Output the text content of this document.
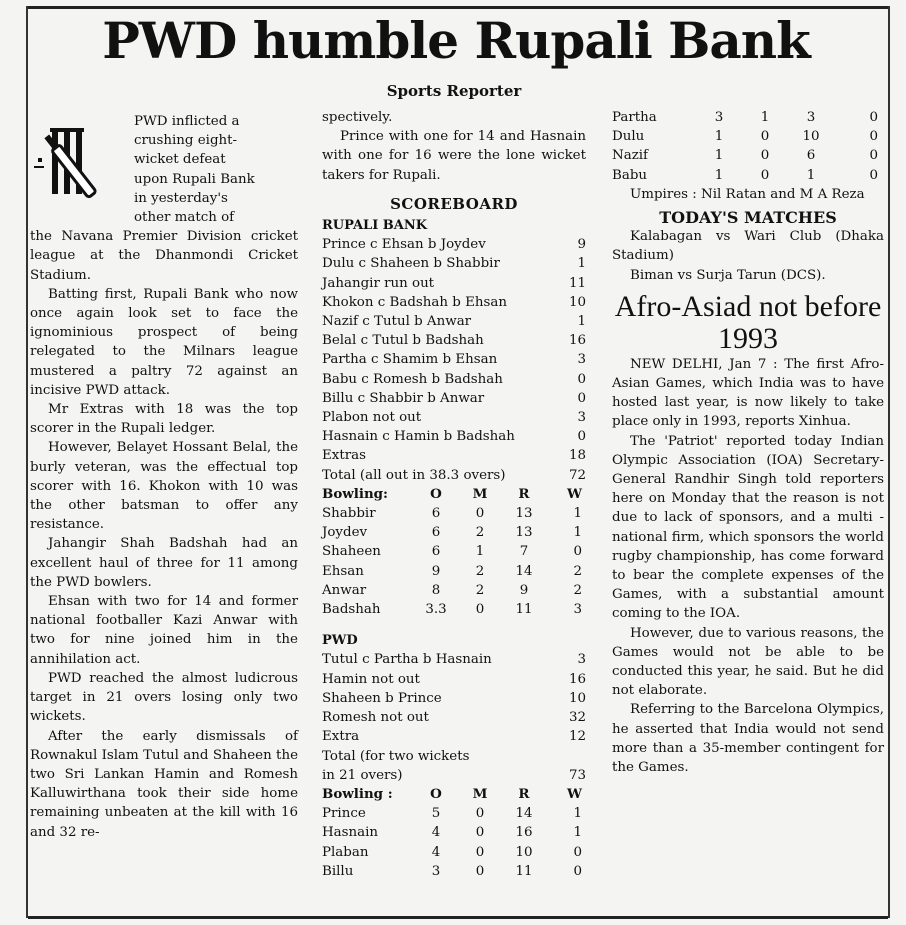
PWD humble Rupali Bank
Sports Reporter
PWD inflicted a
crushing eight-
wicket defeat
upon Rupali Bank
in yesterday's
other match of

the Navana Premier Division cricket league at the Dhanmondi Cricket Stadium.

Batting first, Rupali Bank who now once again look set to face the ignominious prospect of being relegated to the Milnars league mustered a paltry 72 against an incisive PWD attack.

Mr Extras with 18 was the top scorer in the Rupali ledger.

However, Belayet Hossant Belal, the burly veteran, was the effectual top scorer with 16. Khokon with 10 was the other batsman to offer any resistance.

Jahangir Shah Badshah had an excellent haul of three for 11 among the PWD bowlers.

Ehsan with two for 14 and former national footballer Kazi Anwar with two for nine joined him in the annihilation act.

PWD reached the almost ludicrous target in 21 overs losing only two wickets.

After the early dismissals of Rownakul Islam Tutul and Shaheen the two Sri Lankan Hamin and Romesh Kalluwirthana took their side home remaining unbeaten at the kill with 16 and 32 re-

spectively.

Prince with one for 14 and Hasnain with one for 16 were the lone wicket takers for Rupali.

SCOREBOARD
RUPALI BANK
Prince c Ehsan b Joydev	9
Dulu c Shaheen b Shabbir	1
Jahangir run out	11
Khokon c Badshah b Ehsan	10
Nazif c Tutul b Anwar	1
Belal c Tutul b Badshah	16
Partha c Shamim b Ehsan	3
Babu c Romesh b Badshah	0
Billu c Shabbir b Anwar	0
Plabon not out	3
Hasnain c Hamin b Badshah	0
Extras	18
Total (all out in 38.3 overs)	72
Bowling:	O	M	R	W
Shabbir	6	0	13	1
Joydev	6	2	13	1
Shaheen	6	1	7	0
Ehsan	9	2	14	2
Anwar	8	2	9	2
Badshah	3.3	0	11	3
PWD
Tutul c Partha b Hasnain	3
Hamin not out	16
Shaheen b Prince	10
Romesh not out	32
Extra	12
Total (for two wickets
in 21 overs)	73
Bowling :	O	M	R	W
Prince	5	0	14	1
Hasnain	4	0	16	1
Plaban	4	0	10	0
Billu	3	0	11	0
Partha	3	1	3	0
Dulu	1	0	10	0
Nazif	1	0	6	0
Babu	1	0	1	0

Umpires : Nil Ratan and M A Reza

TODAY'S MATCHES

Kalabagan vs Wari Club (Dhaka Stadium)

Biman vs Surja Tarun (DCS).

Afro-Asiad not before 1993

NEW DELHI, Jan 7 : The first Afro-Asian Games, which India was to have hosted last year, is now likely to take place only in 1993, reports Xinhua.

The 'Patriot' reported today Indian Olympic Association (IOA) Secretary-General Randhir Singh told reporters here on Monday that the reason is not due to lack of sponsors, and a multi -national firm, which sponsors the world rugby championship, has come forward to bear the complete expenses of the Games, with a substantial amount coming to the IOA.

However, due to various reasons, the Games would not be able to be conducted this year, he said. But he did not elaborate.

Referring to the Barcelona Olympics, he asserted that India would not send more than a 35-member contingent for the Games.
